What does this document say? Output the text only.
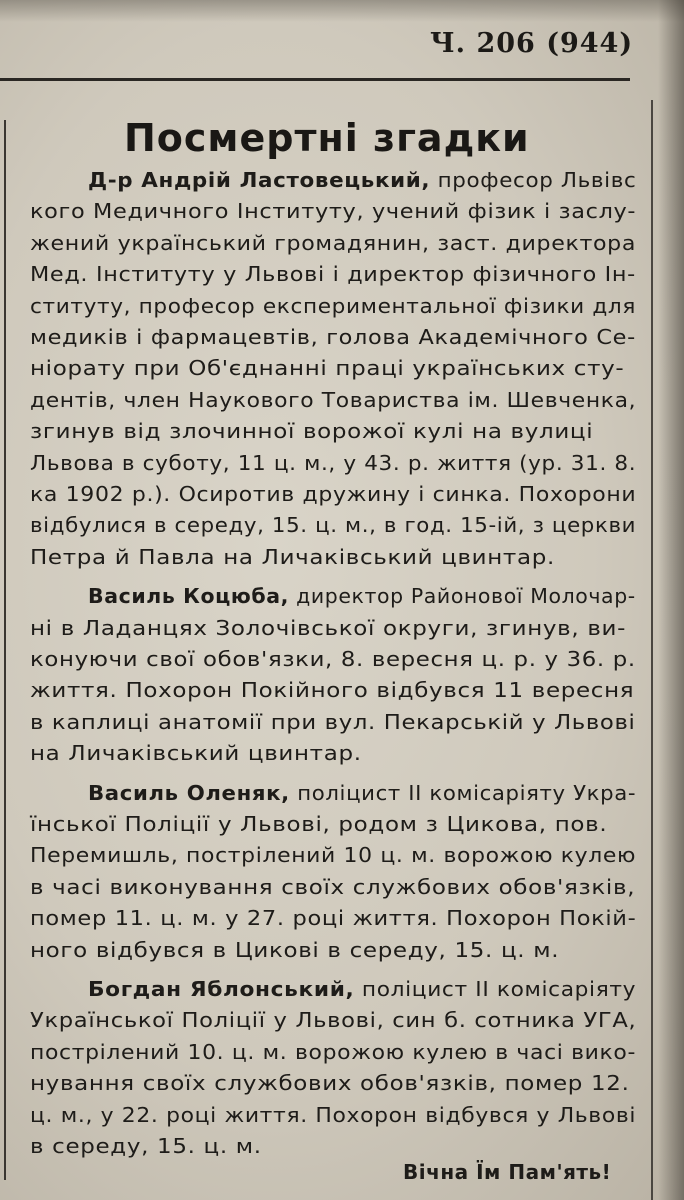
Ч. 206 (944)
Посмертні згадки
Д-р Андрій Ластовецький, професор Львівс
кого Медичного Інституту, учений фізик і заслу-
жений український громадянин, заст. директора
Мед. Інституту у Львові і директор фізичного Ін-
ституту, професор експериментальної фізики для
медиків і фармацевтів, голова Академічного Се-
ніорату при Об'єднанні праці українських сту-
дентів, член Наукового Товариства ім. Шевченка,
згинув від злочинної ворожої кулі на вулиці
Львова в суботу, 11 ц. м., у 43. р. життя (ур. 31. 8.
ка 1902 р.). Осиротив дружину і синка. Похорони
відбулися в середу, 15. ц. м., в год. 15-ій, з церкви
Петра й Павла на Личаківський цвинтар.
Василь Коцюба, директор Районової Молочар-
ні в Ладанцях Золочівської округи, згинув, ви-
конуючи свої обов'язки, 8. вересня ц. р. у 36. р.
життя. Похорон Покійного відбувся 11 вересня
в каплиці анатомії при вул. Пекарській у Львові
на Личаківський цвинтар.
Василь Оленяк, поліцист II комісаріяту Укра-
їнської Поліції у Львові, родом з Цикова, пов.
Перемишль, пострілений 10 ц. м. ворожою кулею
в часі виконування своїх службових обов'язків,
помер 11. ц. м. у 27. році життя. Похорон Покій-
ного відбувся в Цикові в середу, 15. ц. м.
Богдан Яблонський, поліцист II комісаріяту
Української Поліції у Львові, син б. сотника УГА,
пострілений 10. ц. м. ворожою кулею в часі вико-
нування своїх службових обов'язків, помер 12.
ц. м., у 22. році життя. Похорон відбувся у Львові
в середу, 15. ц. м.
Вічна Їм Пам'ять!
